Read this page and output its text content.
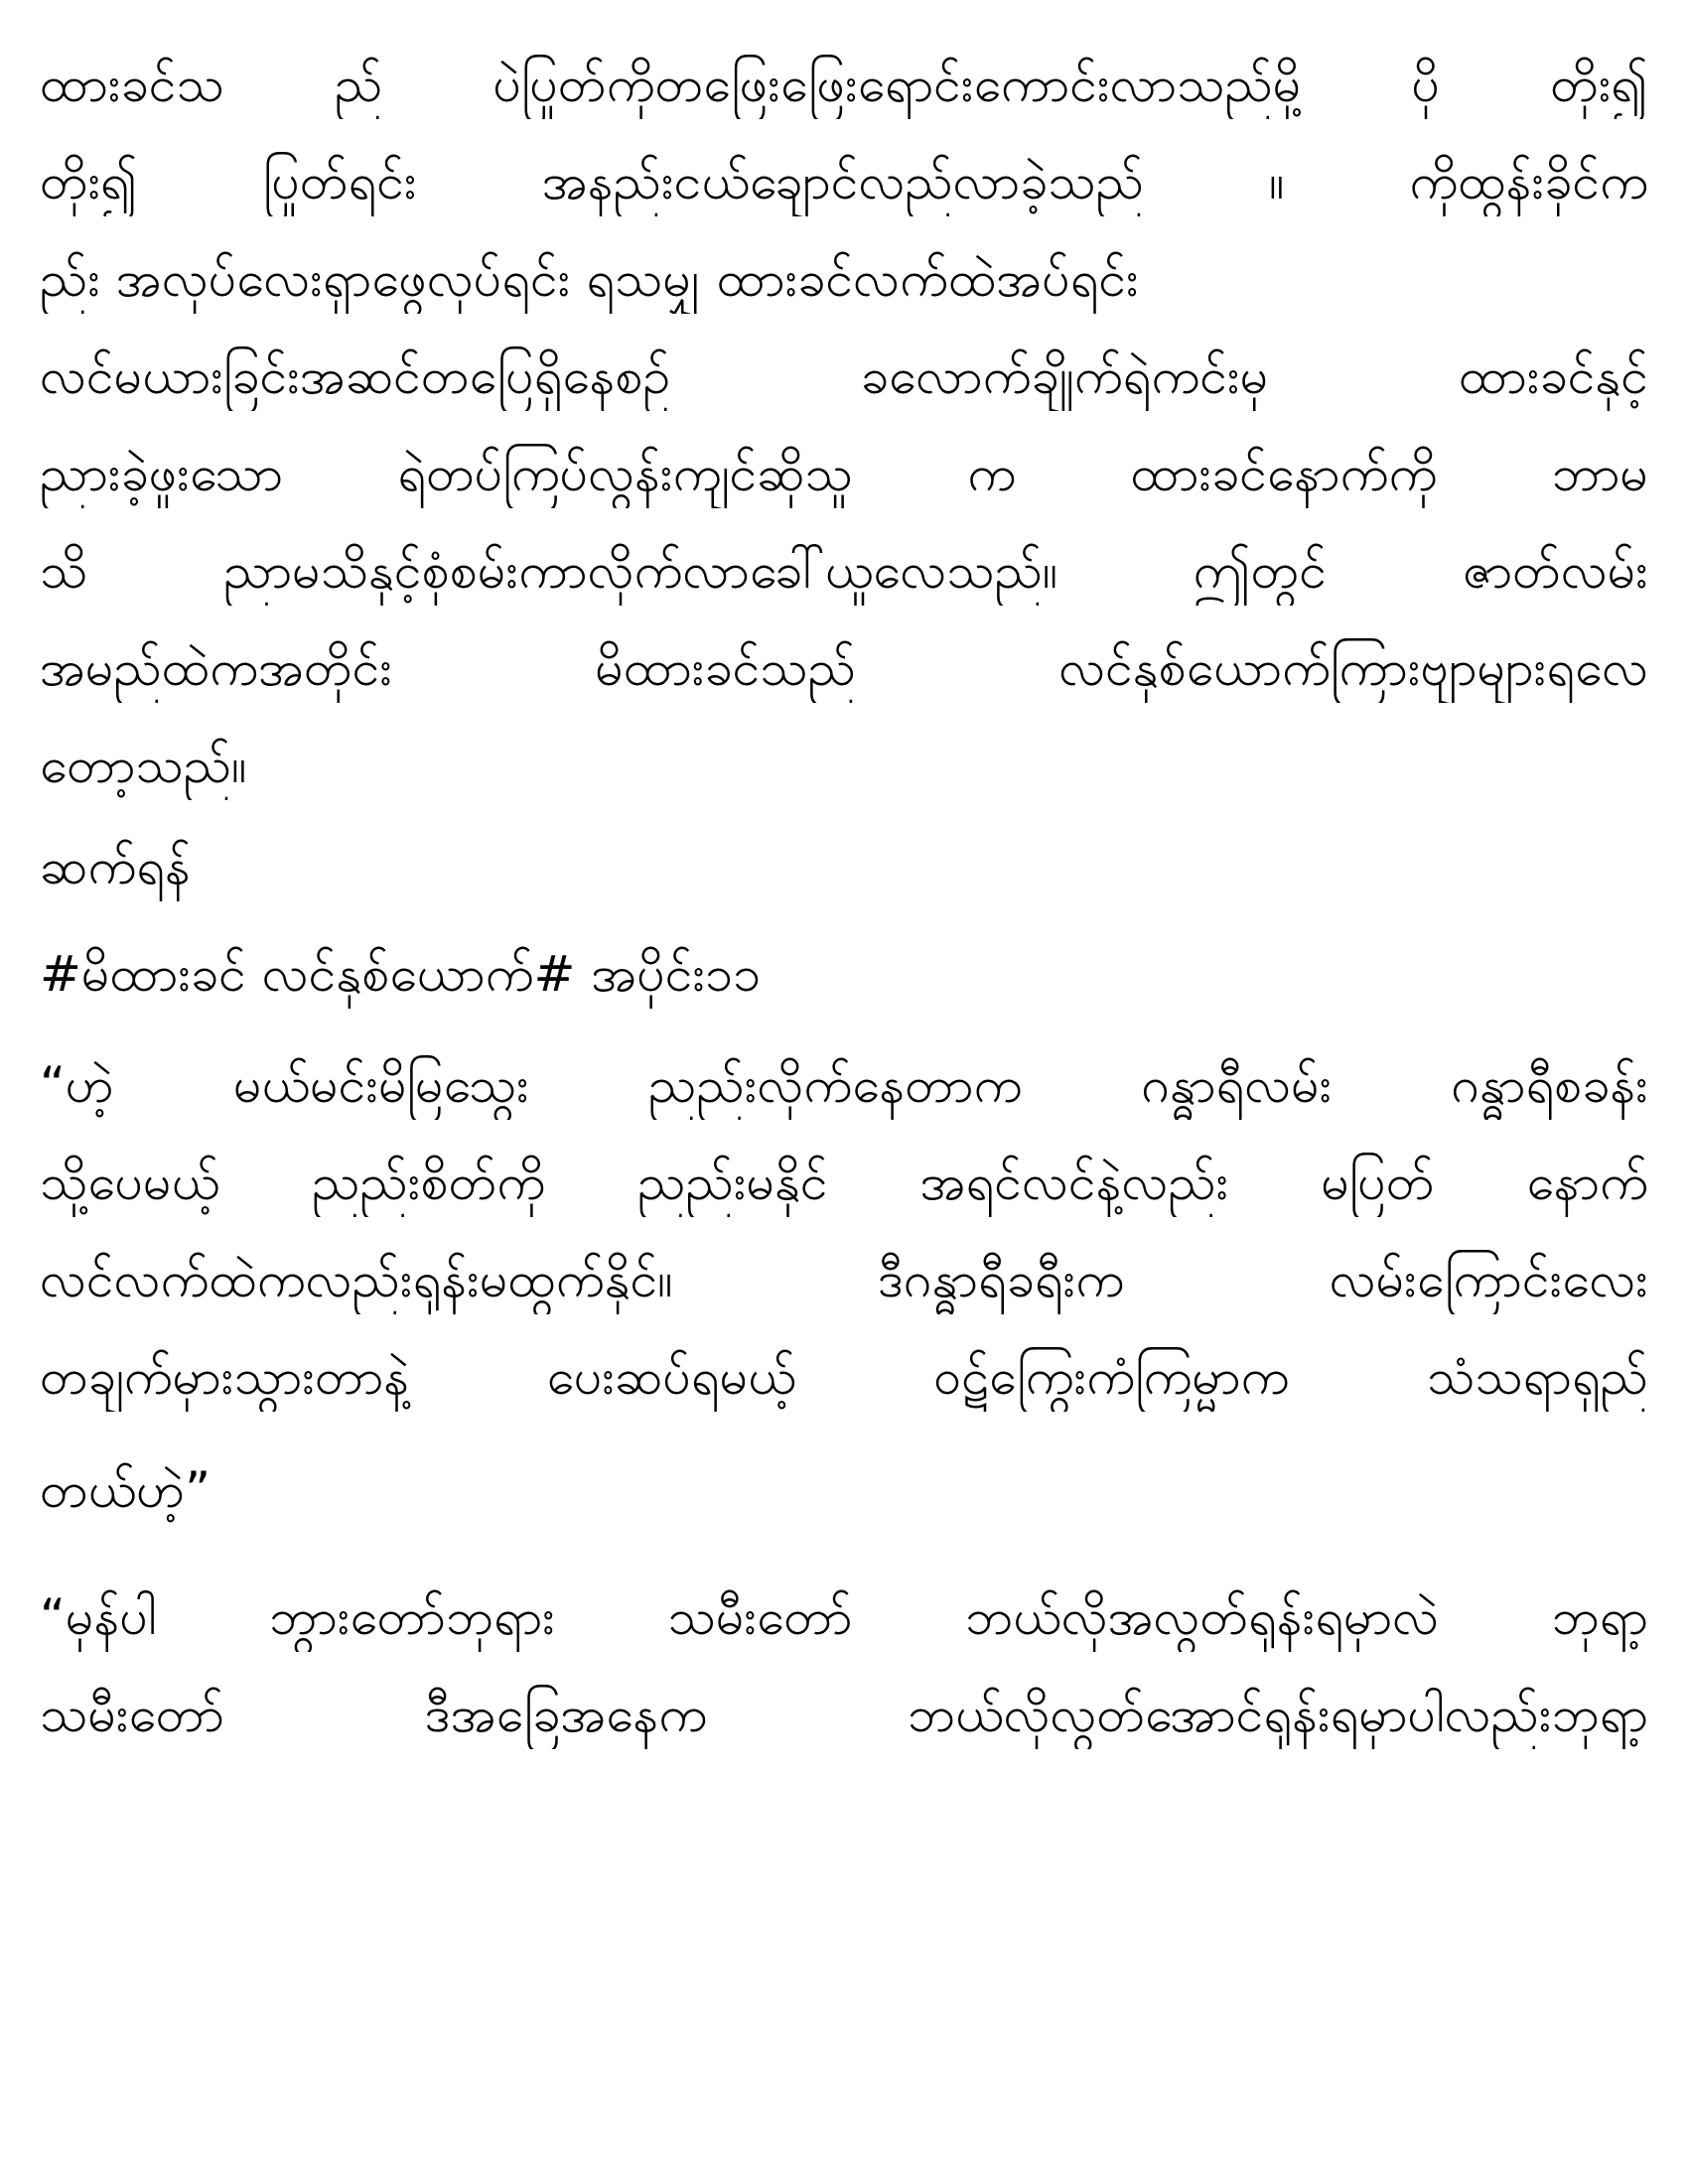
ထားခင်သ ည် ပဲပြုတ်ကိုတဖြေးဖြေးရောင်းကောင်းလာသည်မို့ ပို တိုး၍
တိုး၍ ပြုတ်ရင်း အနည်းငယ်ချောင်လည်လာခဲ့သည် ။ ကိုထွန်းခိုင်က
ည်း အလုပ်လေးရှာဖွေလုပ်ရင်း ရသမျှ ထားခင်လက်ထဲအပ်ရင်း
လင်မယားခြင်းအဆင်တပြေရှိနေစဉ် ခလောက်ချိုက်ရဲကင်းမှ ထားခင်နှင့်
ညားခဲ့ဖူးသော ရဲတပ်ကြပ်လွန်းကျင်ဆိုသူ က ထားခင်နောက်ကို ဘာမ
သိ ညာမသိနှင့်စုံစမ်းကာလိုက်လာခေါ်ယူလေသည်။ ဤတွင် ဇာတ်လမ်း
အမည်ထဲကအတိုင်း မိထားခင်သည် လင်နှစ်ယောက်ကြားဗျာများရလေ
တော့သည်။
ဆက်ရန်
#မိထားခင် လင်နှစ်ယောက်# အပိုင်း၁၁
“ဟဲ့ မယ်မင်းမိမြသွေး ညည်းလိုက်နေတာက ဂန္ဓာရီလမ်း ဂန္ဓာရီစခန်း
သို့ပေမယ့် ညည်းစိတ်ကို ညည်းမနိုင် အရင်လင်နဲ့လည်း မပြတ် နောက်
လင်လက်ထဲကလည်းရုန်းမထွက်နိုင်။ ဒီဂန္ဓာရီခရီးက လမ်းကြောင်းလေး
တချက်မှားသွားတာနဲ့ ပေးဆပ်ရမယ့် ဝဋ်ကြွေးကံကြမ္မာက သံသရာရှည်
တယ်ဟဲ့”
“မှန်ပါ ဘွားတော်ဘုရား သမီးတော် ဘယ်လိုအလွတ်ရုန်းရမှာလဲ ဘုရာ့
သမီးတော် ဒီအခြေအနေက ဘယ်လိုလွတ်အောင်ရုန်းရမှာပါလည်းဘုရာ့
